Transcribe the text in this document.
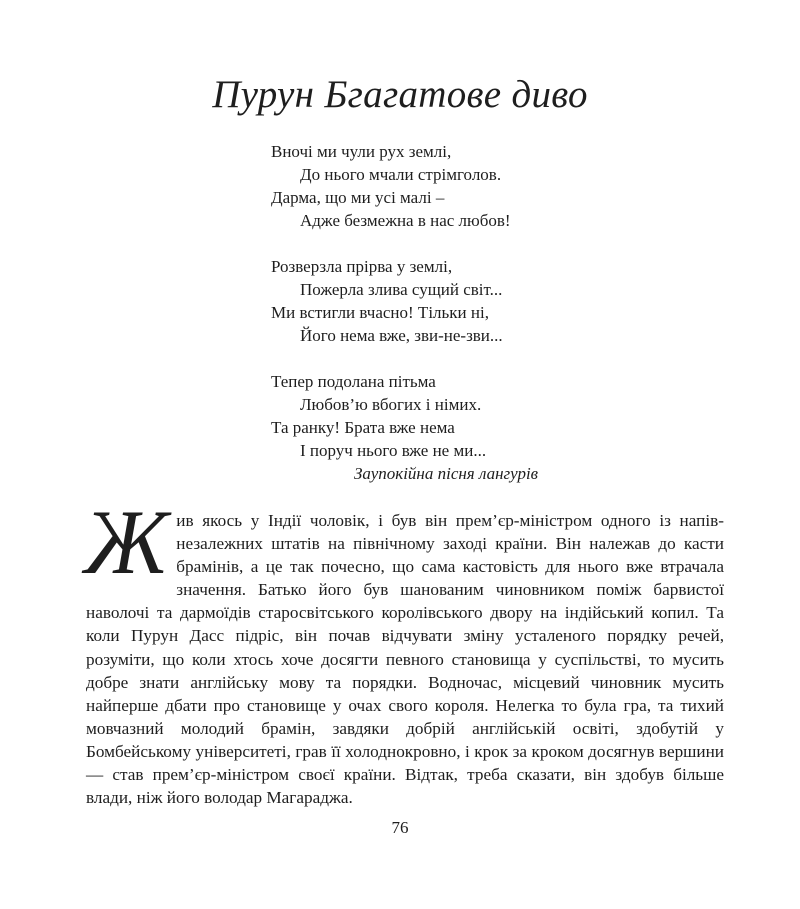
Пурун Бгагатове диво
Вночі ми чули рух землі,
До нього мчали стрімголов.
Дарма, що ми усі малі –
Адже безмежна в нас любов!
Розверзла прірва у землі,
Пожерла злива сущий світ...
Ми встигли вчасно! Тільки ні,
Його нема вже, зви-не-зви...
Тепер подолана пітьма
Любов’ю вбогих і німих.
Та ранку! Брата вже нема
І поруч нього вже не ми...
Заупокійна пісня лангурів
Жив якось у Індії чоловік, і був він прем’єр-міністром одного із напівнезалежних штатів на північному заході країни. Він належав до касти брамінів, а це так почесно, що сама кастовість для нього вже втрачала значення. Батько його був шанованим чиновником поміж барвистої наволочі та дармоїдів старосвітського королівського двору на індійський копил. Та коли Пурун Дасс підріс, він почав відчувати зміну усталеного порядку речей, розуміти, що коли хтось хоче досягти певного становища у суспільстві, то мусить добре знати англійську мову та порядки. Водночас, місцевий чиновник мусить найперше дбати про становище у очах свого короля. Нелегка то була гра, та тихий мовчазний молодий брамін, завдяки добрій англійській освіті, здобутій у Бомбейському університеті, грав її холоднокровно, і крок за кроком досягнув вершини — став прем’єр-міністром своєї країни. Відтак, треба сказати, він здобув більше влади, ніж його володар Магараджа.
76
